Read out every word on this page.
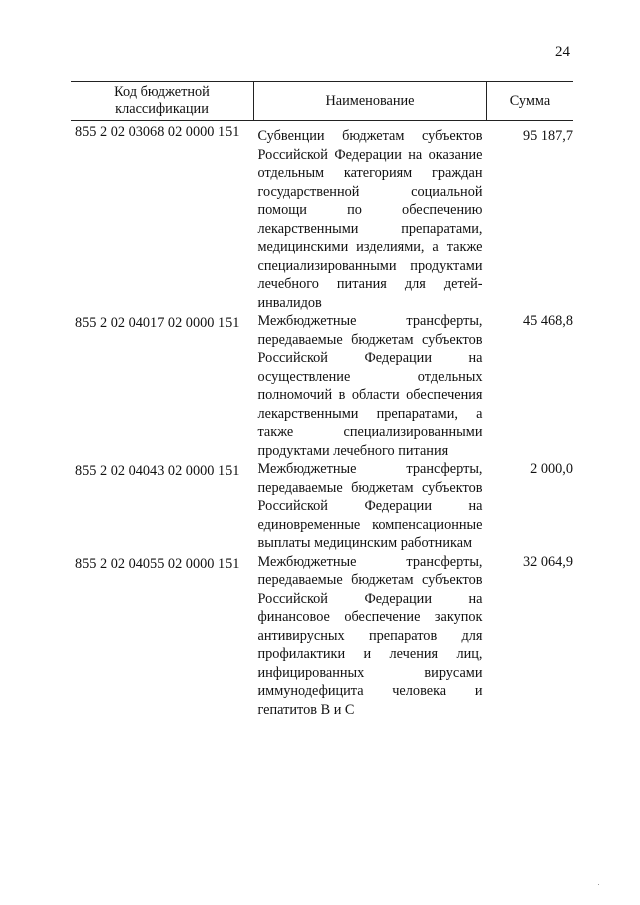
24
Код бюджетной классификации	Наименование	Сумма
855 2 02 03068 02 0000 151	Субвенции бюджетам субъектов Российской Федерации на оказание отдельным категориям граждан государственной социальной помощи по обеспечению лекарственными препаратами, медицинскими изделиями, а также специализированными продуктами лечебного питания для детей-инвалидов	95 187,7
855 2 02 04017 02 0000 151	Межбюджетные трансферты, передаваемые бюджетам субъектов Российской Федерации на осуществление отдельных полномочий в области обеспечения лекарственными препаратами, а также специализированными продуктами лечебного питания	45 468,8
855 2 02 04043 02 0000 151	Межбюджетные трансферты, передаваемые бюджетам субъектов Российской Федерации на единовременные компенсационные выплаты медицинским работникам	2 000,0
855 2 02 04055 02 0000 151	Межбюджетные трансферты, передаваемые бюджетам субъектов Российской Федерации на финансовое обеспечение закупок антивирусных препаратов для профилактики и лечения лиц, инфицированных вирусами иммунодефицита человека и гепатитов В и С	32 064,9
